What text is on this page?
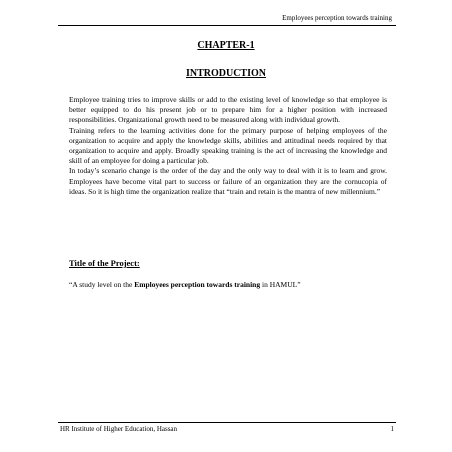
Employees perception towards training
CHAPTER-1
INTRODUCTION

Employee training tries to improve skills or add to the existing level of knowledge so that employee is better equipped to do his present job or to prepare him for a higher position with increased responsibilities. Organizational growth need to be measured along with individual growth.

Training refers to the learning activities done for the primary purpose of helping employees of the organization to acquire and apply the knowledge skills, abilities and attitudinal needs required by that organization to acquire and apply. Broadly speaking training is the act of increasing the knowledge and skill of an employee for doing a particular job.

In today’s scenario change is the order of the day and the only way to deal with it is to learn and grow. Employees have become vital part to success or failure of an organization they are the cornucopia of ideas. So it is high time the organization realize that “train and retain is the mantra of new millennium.”

Title of the Project:
“A study level on the Employees perception towards training in HAMUL”
HR Institute of Higher Education, Hassan	1
